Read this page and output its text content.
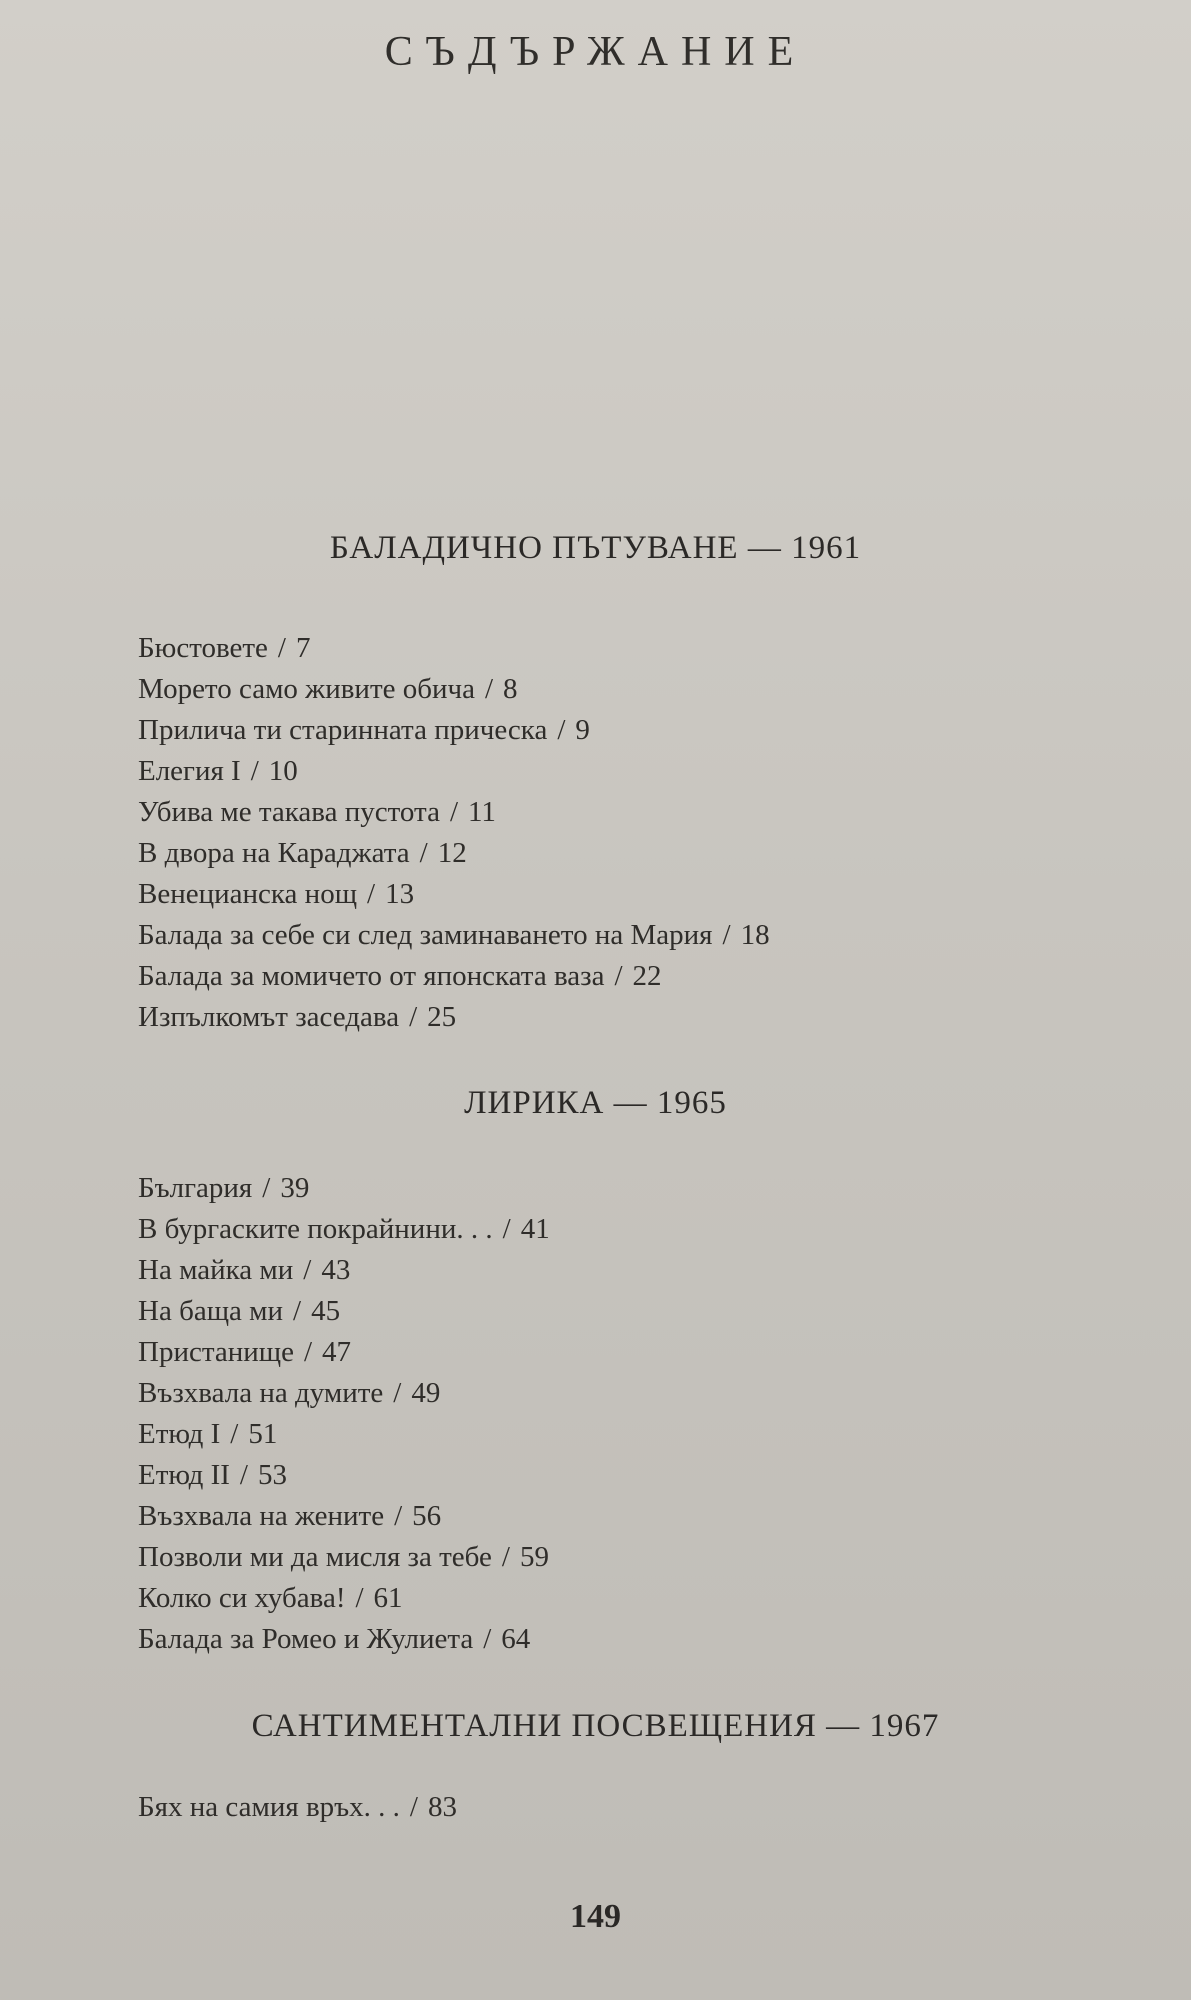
СЪДЪРЖАНИЕ
БАЛАДИЧНО ПЪТУВАНЕ — 1961
Бюстовете / 7
Морето само живите обича / 8
Прилича ти старинната прическа / 9
Елегия I / 10
Убива ме такава пустота / 11
В двора на Караджата / 12
Венецианска нощ / 13
Балада за себе си след заминаването на Мария / 18
Балада за момичето от японската ваза / 22
Изпълкомът заседава / 25
ЛИРИКА — 1965
България / 39
В бургаските покрайнини. . . / 41
На майка ми / 43
На баща ми / 45
Пристанище / 47
Възхвала на думите / 49
Етюд I / 51
Етюд II / 53
Възхвала на жените / 56
Позволи ми да мисля за тебе / 59
Колко си хубава! / 61
Балада за Ромео и Жулиета / 64
САНТИМЕНТАЛНИ ПОСВЕЩЕНИЯ — 1967
Бях на самия връх. . . / 83
149
